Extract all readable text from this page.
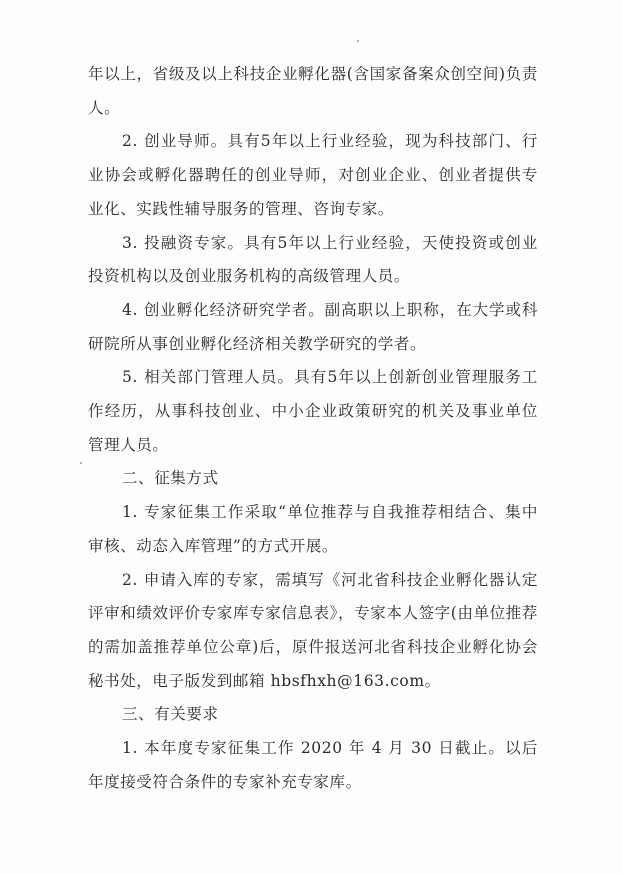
年以上，省级及以上科技企业孵化器(含国家备案众创空间)负责人。

2. 创业导师。具有5年以上行业经验，现为科技部门、行业协会或孵化器聘任的创业导师，对创业企业、创业者提供专业化、实践性辅导服务的管理、咨询专家。

3. 投融资专家。具有5年以上行业经验，天使投资或创业投资机构以及创业服务机构的高级管理人员。

4. 创业孵化经济研究学者。副高职以上职称，在大学或科研院所从事创业孵化经济相关教学研究的学者。

5. 相关部门管理人员。具有5年以上创新创业管理服务工作经历，从事科技创业、中小企业政策研究的机关及事业单位管理人员。

二、征集方式

1. 专家征集工作采取“单位推荐与自我推荐相结合、集中审核、动态入库管理”的方式开展。

2. 申请入库的专家，需填写《河北省科技企业孵化器认定评审和绩效评价专家库专家信息表》，专家本人签字(由单位推荐的需加盖推荐单位公章)后，原件报送河北省科技企业孵化协会秘书处，电子版发到邮箱 hbsfhxh@163.com。

三、有关要求

1. 本年度专家征集工作 2020 年 4 月 30 日截止。以后年度接受符合条件的专家补充专家库。
